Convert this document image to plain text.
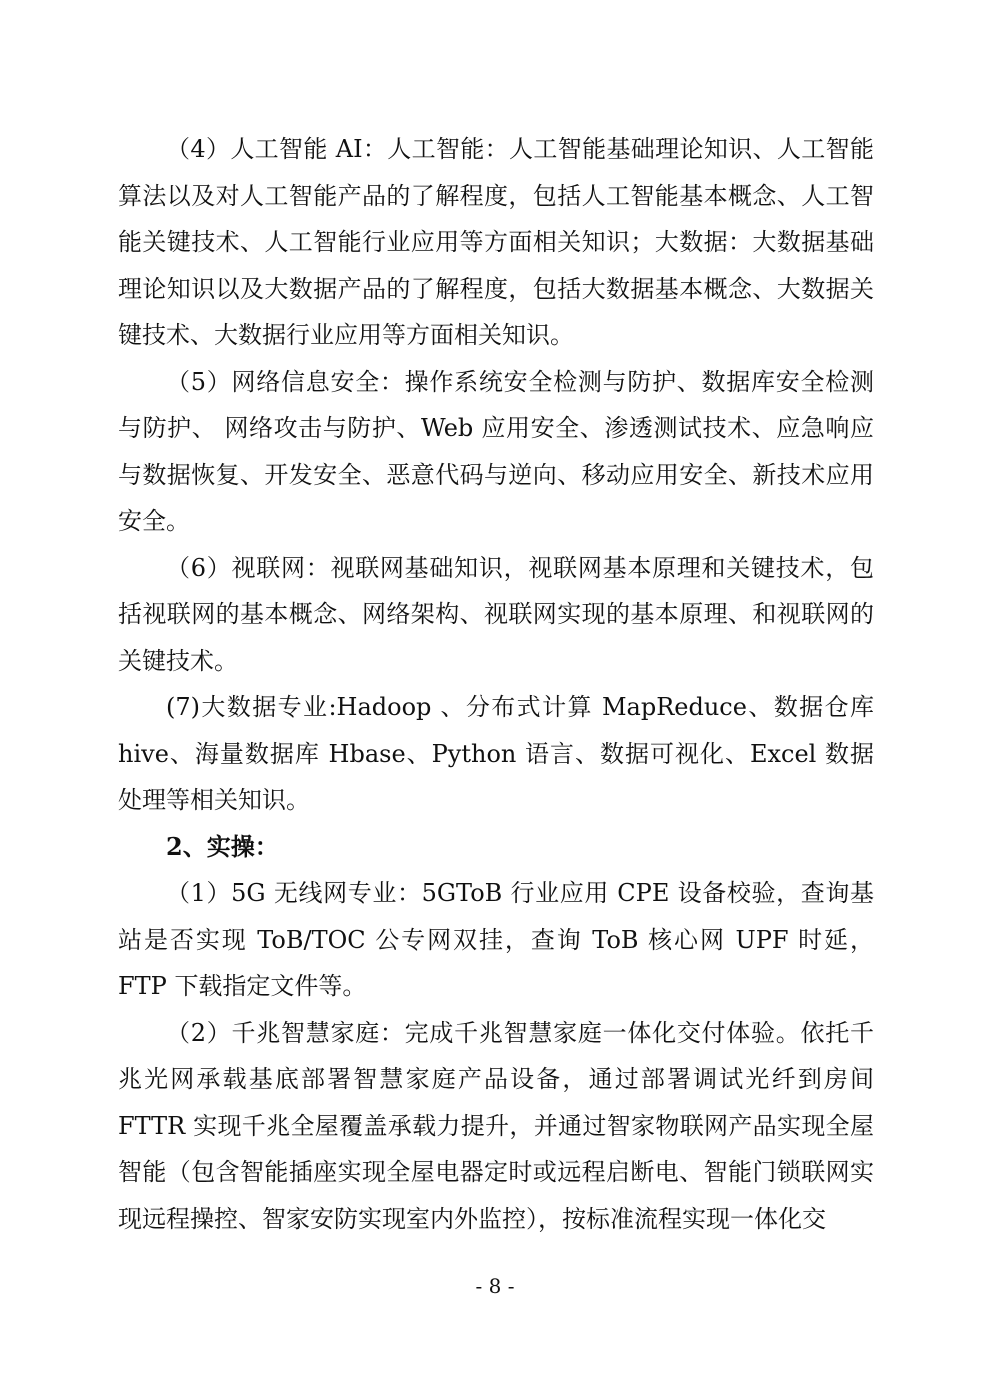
（4）人工智能 AI：人工智能：人工智能基础理论知识、人工智能算法以及对人工智能产品的了解程度，包括人工智能基本概念、人工智能关键技术、人工智能行业应用等方面相关知识；大数据：大数据基础理论知识以及大数据产品的了解程度，包括大数据基本概念、大数据关键技术、大数据行业应用等方面相关知识。

（5）网络信息安全：操作系统安全检测与防护、数据库安全检测与防护、 网络攻击与防护、Web 应用安全、渗透测试技术、应急响应与数据恢复、开发安全、恶意代码与逆向、移动应用安全、新技术应用安全。

（6）视联网：视联网基础知识，视联网基本原理和关键技术，包括视联网的基本概念、网络架构、视联网实现的基本原理、和视联网的关键技术。

(7)大数据专业:Hadoop 、分布式计算 MapReduce、数据仓库 hive、海量数据库 Hbase、Python 语言、数据可视化、Excel 数据处理等相关知识。

2、实操：

（1）5G 无线网专业：5GToB 行业应用 CPE 设备校验，查询基站是否实现 ToB/TOC 公专网双挂，查询 ToB 核心网 UPF 时延，FTP 下载指定文件等。

（2）千兆智慧家庭：完成千兆智慧家庭一体化交付体验。依托千兆光网承载基底部署智慧家庭产品设备，通过部署调试光纤到房间 FTTR 实现千兆全屋覆盖承载力提升，并通过智家物联网产品实现全屋智能（包含智能插座实现全屋电器定时或远程启断电、智能门锁联网实现远程操控、智家安防实现室内外监控），按标准流程实现一体化交

- 8 -
